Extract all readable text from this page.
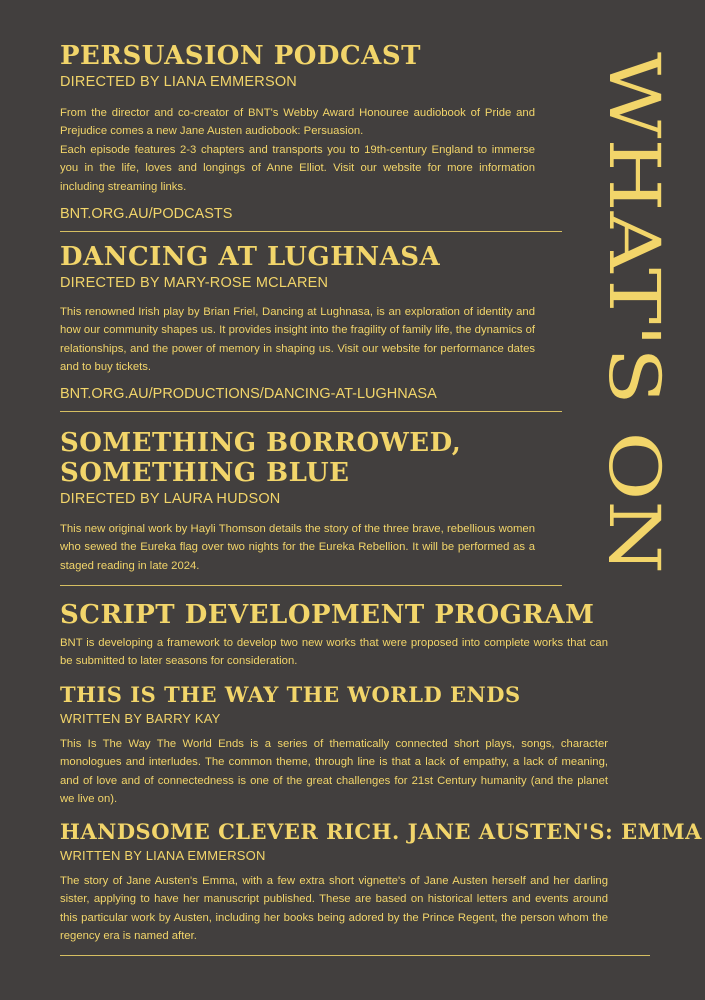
WHAT'S ON
PERSUASION PODCAST
DIRECTED BY LIANA EMMERSON

From the director and co-creator of BNT's Webby Award Honouree audiobook of Pride and Prejudice comes a new Jane Austen audiobook: Persuasion.

Each episode features 2-3 chapters and transports you to 19th-century England to immerse you in the life, loves and longings of Anne Elliot. Visit our website for more information including streaming links.

BNT.ORG.AU/PODCASTS
DANCING AT LUGHNASA
DIRECTED BY MARY-ROSE MCLAREN

This renowned Irish play by Brian Friel, Dancing at Lughnasa, is an exploration of identity and how our community shapes us. It provides insight into the fragility of family life, the dynamics of relationships, and the power of memory in shaping us. Visit our website for performance dates and to buy tickets.

BNT.ORG.AU/PRODUCTIONS/DANCING-AT-LUGHNASA
SOMETHING BORROWED,
SOMETHING BLUE
DIRECTED BY LAURA HUDSON

This new original work by Hayli Thomson details the story of the three brave, rebellious women who sewed the Eureka flag over two nights for the Eureka Rebellion. It will be performed as a staged reading in late 2024.

SCRIPT DEVELOPMENT PROGRAM

BNT is developing a framework to develop two new works that were proposed into complete works that can be submitted to later seasons for consideration.

THIS IS THE WAY THE WORLD ENDS
WRITTEN BY BARRY KAY

This Is The Way The World Ends is a series of thematically connected short plays, songs, character monologues and interludes. The common theme, through line is that a lack of empathy, a lack of meaning, and of love and of connectedness is one of the great challenges for 21st Century humanity (and the planet we live on).

HANDSOME CLEVER RICH. JANE AUSTEN'S: EMMA
WRITTEN BY LIANA EMMERSON

The story of Jane Austen's Emma, with a few extra short vignette's of Jane Austen herself and her darling sister, applying to have her manuscript published. These are based on historical letters and events around this particular work by Austen, including her books being adored by the Prince Regent, the person whom the regency era is named after.
